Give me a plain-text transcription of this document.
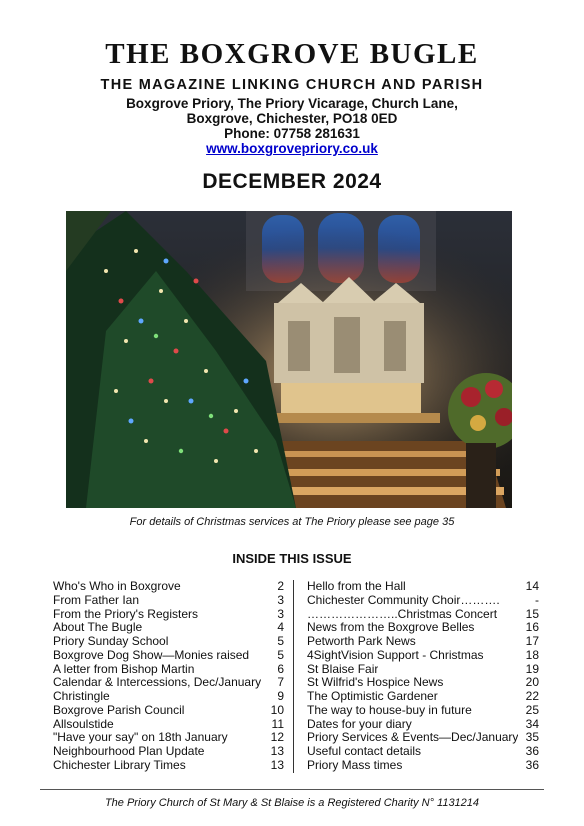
THE BOXGROVE BUGLE
THE MAGAZINE LINKING CHURCH AND PARISH
Boxgrove Priory, The Priory Vicarage, Church Lane,
Boxgrove, Chichester, PO18 0ED
Phone: 07758 281631
www.boxgrovepriory.co.uk
DECEMBER 2024
For details of Christmas services at The Priory please see page 35
INSIDE THIS ISSUE
Who's Who in Boxgrove	2
From Father Ian	3
From the Priory's Registers	3
About The Bugle	4
Priory Sunday School	5
Boxgrove Dog Show—Monies raised 5
A letter from Bishop Martin	6
Calendar & Intercessions, Dec/January 7
Christingle	9
Boxgrove Parish Council	10
Allsoulstide	11
"Have your say" on 18th January	12
Neighbourhood Plan Update	13
Chichester Library Times	13
Hello from the Hall	14
Chichester Community Choir……….	-
…………………..Christmas Concert 15
News from the Boxgrove Belles	16
Petworth Park News	17
4SightVision Support - Christmas	18
St Blaise Fair	19
St Wilfrid's Hospice News	20
The Optimistic Gardener	22
The way to house-buy in future	25
Dates for your diary	34
Priory Services & Events—Dec/January 35
Useful contact details	36
Priory Mass times	36
The Priory Church of St Mary & St Blaise is a Registered Charity N° 1131214
